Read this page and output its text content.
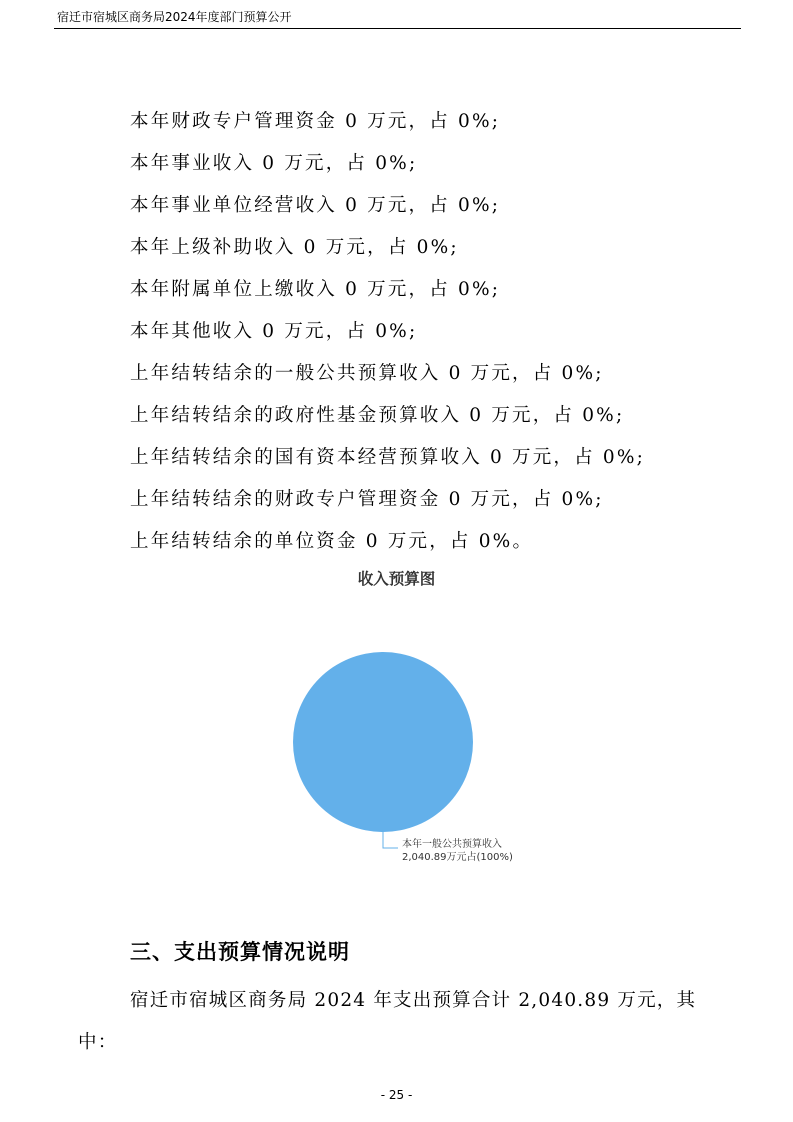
宿迁市宿城区商务局2024年度部门预算公开
本年财政专户管理资金 0 万元，占 0%;
本年事业收入 0 万元，占 0%;
本年事业单位经营收入 0 万元，占 0%;
本年上级补助收入 0 万元，占 0%;
本年附属单位上缴收入 0 万元，占 0%;
本年其他收入 0 万元，占 0%;
上年结转结余的一般公共预算收入 0 万元，占 0%;
上年结转结余的政府性基金预算收入 0 万元，占 0%;
上年结转结余的国有资本经营预算收入 0 万元，占 0%;
上年结转结余的财政专户管理资金 0 万元，占 0%;
上年结转结余的单位资金 0 万元，占 0%。
收入预算图
本年一般公共预算收入
2,040.89万元占(100%)
三、支出预算情况说明
宿迁市宿城区商务局 2024 年支出预算合计 2,040.89 万元，其中：
- 25 -
